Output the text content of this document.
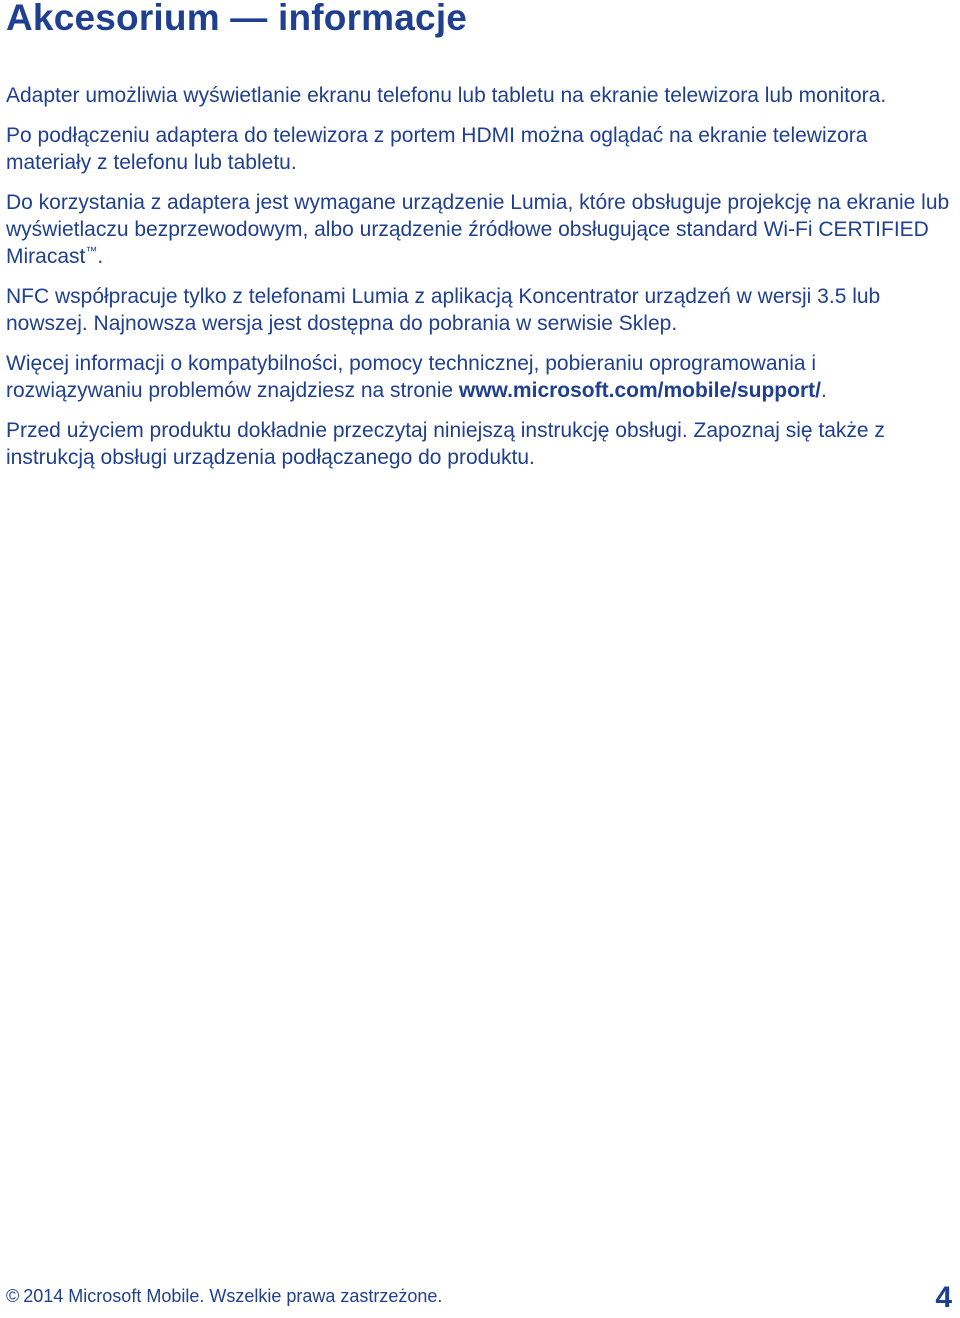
Akcesorium — informacje

Adapter umożliwia wyświetlanie ekranu telefonu lub tabletu na ekranie telewizora lub monitora.

Po podłączeniu adaptera do telewizora z portem HDMI można oglądać na ekranie telewizora materiały z telefonu lub tabletu.

Do korzystania z adaptera jest wymagane urządzenie Lumia, które obsługuje projekcję na ekranie lub wyświetlaczu bezprzewodowym, albo urządzenie źródłowe obsługujące standard Wi-Fi CERTIFIED Miracast™.

NFC współpracuje tylko z telefonami Lumia z aplikacją Koncentrator urządzeń w wersji 3.5 lub nowszej. Najnowsza wersja jest dostępna do pobrania w serwisie Sklep.

Więcej informacji o kompatybilności, pomocy technicznej, pobieraniu oprogramowania i rozwiązywaniu problemów znajdziesz na stronie www.microsoft.com/mobile/support/.

Przed użyciem produktu dokładnie przeczytaj niniejszą instrukcję obsługi. Zapoznaj się także z instrukcją obsługi urządzenia podłączanego do produktu.

© 2014 Microsoft Mobile. Wszelkie prawa zastrzeżone.	4
